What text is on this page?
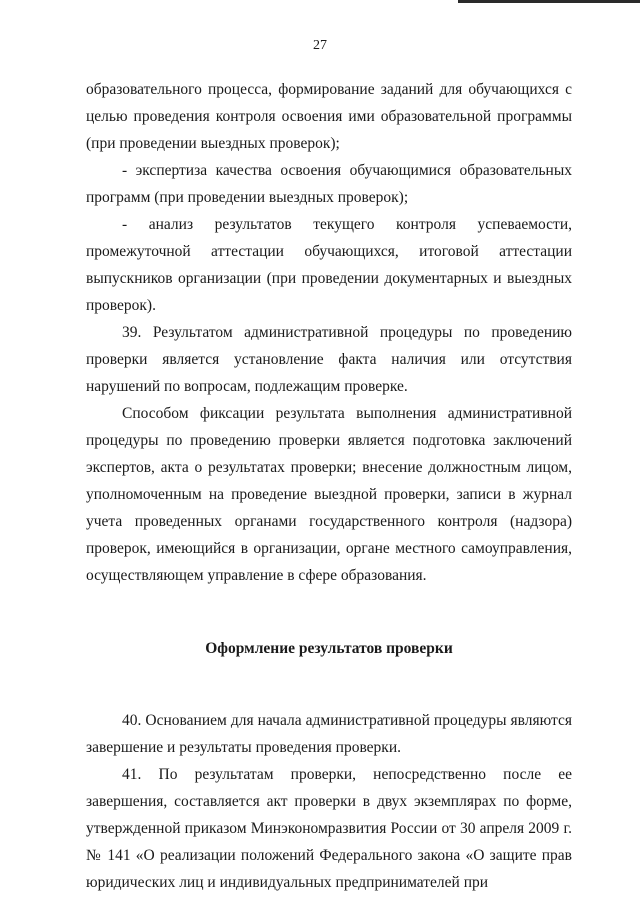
27

образовательного процесса, формирование заданий для обучающихся с целью проведения контроля освоения ими образовательной программы (при проведении выездных проверок);

- экспертиза качества освоения обучающимися образовательных программ (при проведении выездных проверок);

- анализ результатов текущего контроля успеваемости, промежуточной аттестации обучающихся, итоговой аттестации выпускников организации (при проведении документарных и выездных проверок).

39. Результатом административной процедуры по проведению проверки является установление факта наличия или отсутствия нарушений по вопросам, подлежащим проверке.

Способом фиксации результата выполнения административной процедуры по проведению проверки является подготовка заключений экспертов, акта о результатах проверки; внесение должностным лицом, уполномоченным на проведение выездной проверки, записи в журнал учета проведенных органами государственного контроля (надзора) проверок, имеющийся в организации, органе местного самоуправления, осуществляющем управление в сфере образования.

Оформление результатов проверки

40. Основанием для начала административной процедуры являются завершение и результаты проведения проверки.

41. По результатам проверки, непосредственно после ее завершения, составляется акт проверки в двух экземплярах по форме, утвержденной приказом Минэкономразвития России от 30 апреля 2009 г. № 141 «О реализации положений Федерального закона «О защите прав юридических лиц и индивидуальных предпринимателей при
